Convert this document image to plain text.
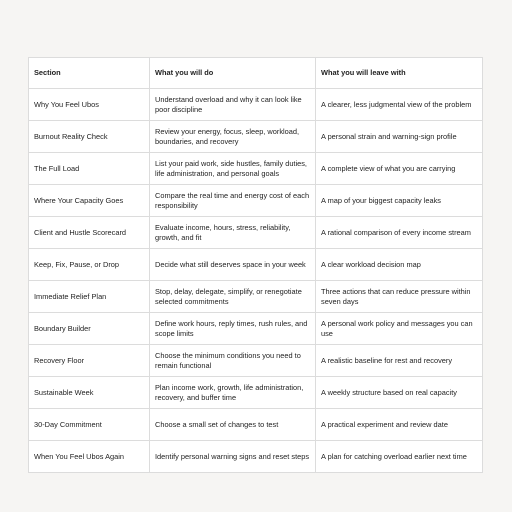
Section	What you will do	What you will leave with
Why You Feel Ubos	Understand overload and why it can look like poor discipline	A clearer, less judgmental view of the problem
Burnout Reality Check	Review your energy, focus, sleep, workload, boundaries, and recovery	A personal strain and warning-sign profile
The Full Load	List your paid work, side hustles, family duties, life administration, and personal goals	A complete view of what you are carrying
Where Your Capacity Goes	Compare the real time and energy cost of each responsibility	A map of your biggest capacity leaks
Client and Hustle Scorecard	Evaluate income, hours, stress, reliability, growth, and fit	A rational comparison of every income stream
Keep, Fix, Pause, or Drop	Decide what still deserves space in your week	A clear workload decision map
Immediate Relief Plan	Stop, delay, delegate, simplify, or renegotiate selected commitments	Three actions that can reduce pressure within seven days
Boundary Builder	Define work hours, reply times, rush rules, and scope limits	A personal work policy and messages you can use
Recovery Floor	Choose the minimum conditions you need to remain functional	A realistic baseline for rest and recovery
Sustainable Week	Plan income work, growth, life administration, recovery, and buffer time	A weekly structure based on real capacity
30-Day Commitment	Choose a small set of changes to test	A practical experiment and review date
When You Feel Ubos Again	Identify personal warning signs and reset steps	A plan for catching overload earlier next time
